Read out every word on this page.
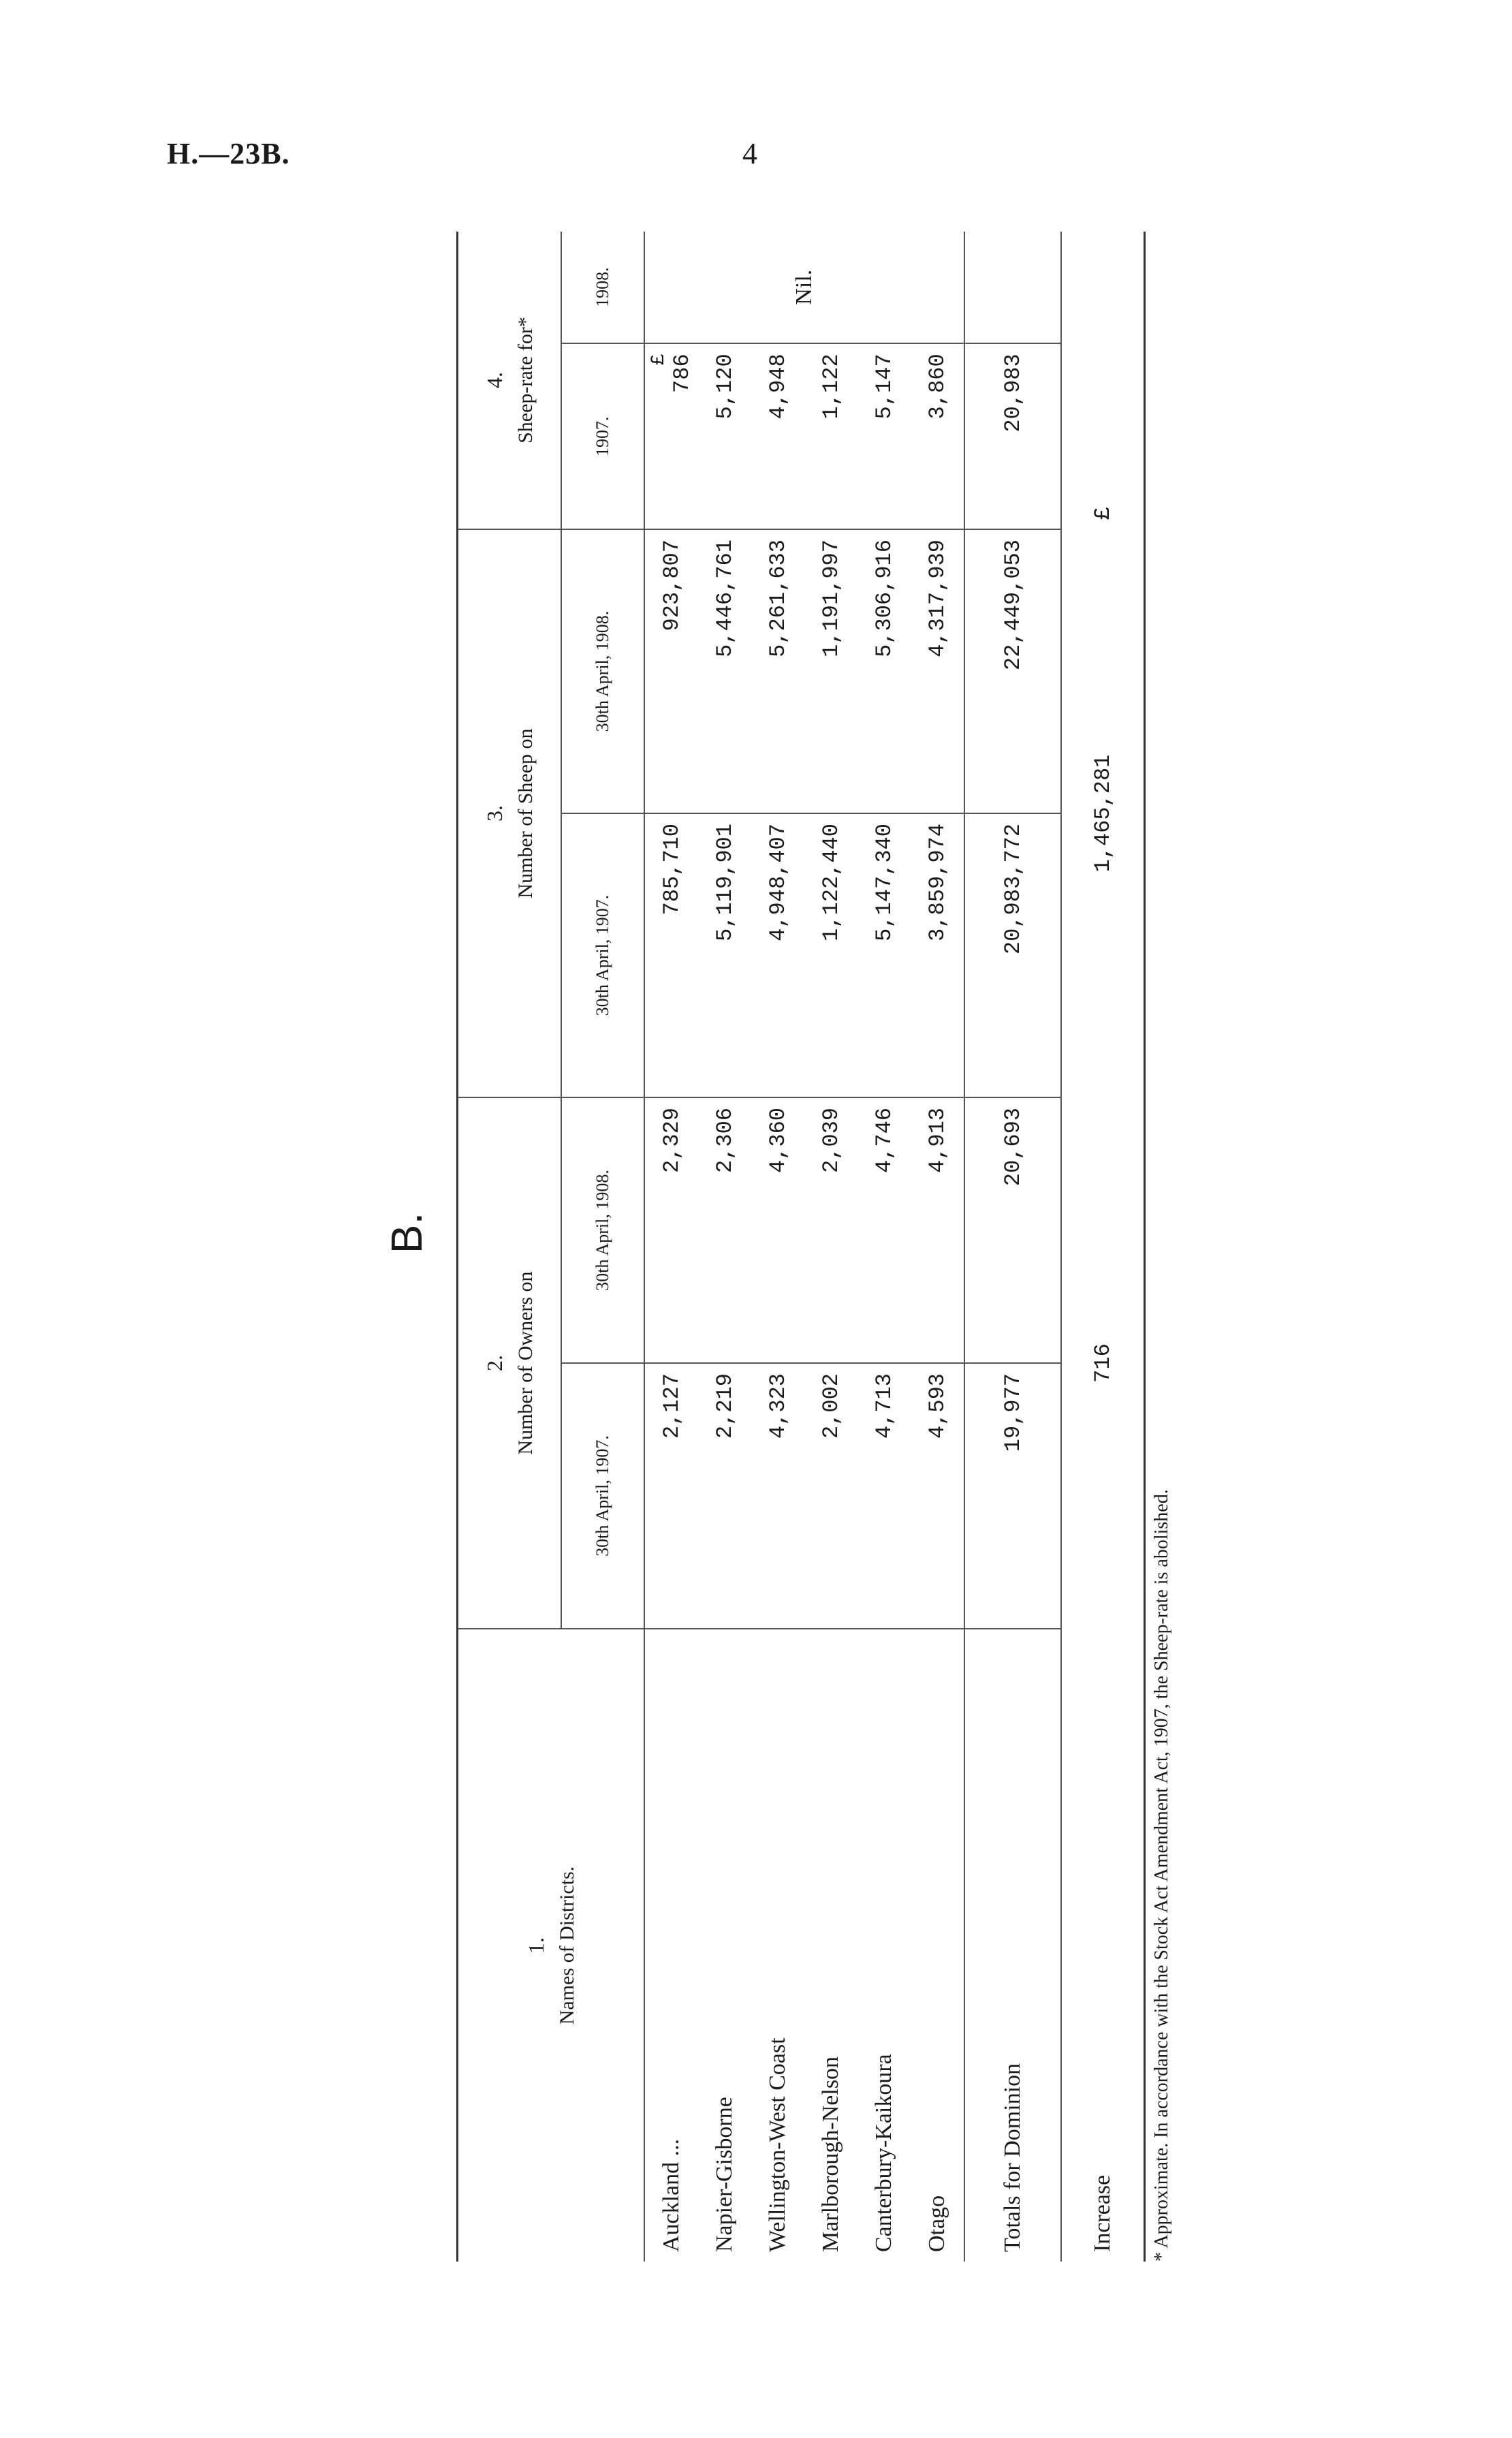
H.—23B.	4
B.
1. Names of Districts.	2. Number of Owners on		3. Number of Sheep on		4. Sheep-rate for*	
	30th April, 1907.	30th April, 1908.	30th April, 1907.	30th April, 1908.	1907.	1908.
Auckland ...	2,127	2,329	785,710	923,807	£ 786	Nil.
Napier-Gisborne	2,219	2,306	5,119,901	5,446,761	5,120	
Wellington-West Coast	4,323	4,360	4,948,407	5,261,633	4,948	
Marlborough-Nelson	2,002	2,039	1,122,440	1,191,997	1,122	
Canterbury-Kaikoura	4,713	4,746	5,147,340	5,306,916	5,147	
Otago	4,593	4,913	3,859,974	4,317,939	3,860	
Totals for Dominion	19,977	20,693	20,983,772	22,449,053	20,983	
Increase	716		1,465,281		£	
* Approximate. In accordance with the Stock Act Amendment Act, 1907, the Sheep-rate is abolished.
